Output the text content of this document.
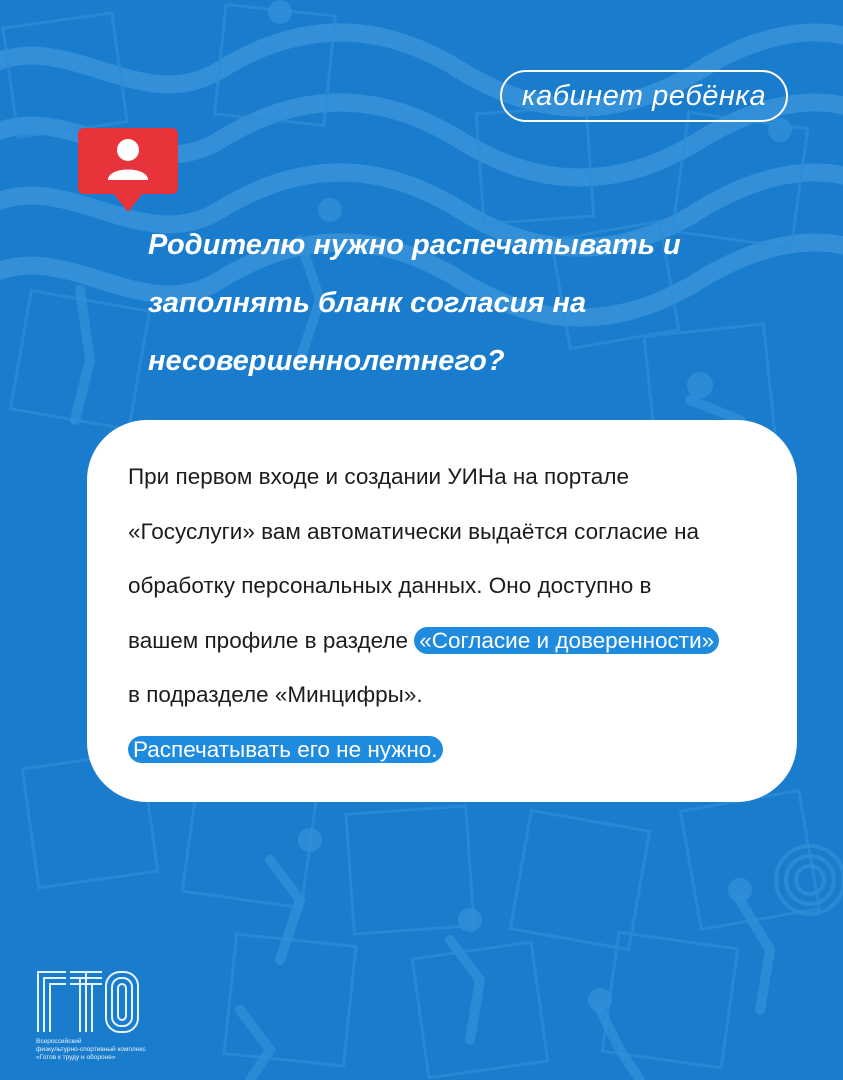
кабинет ребёнка
Родителю нужно распечатывать и заполнять бланк согласия на несовершеннолетнего?

При первом входе и создании УИНа на портале

«Госуслуги» вам автоматически выдаётся согласие на

обработку персональных данных. Оно доступно в

вашем профиле в разделе «Согласие и доверенности»

в подразделе «Минцифры».

Распечатывать его не нужно.

Всероссийский
физкультурно-спортивный комплекс
«Готов к труду и обороне»
